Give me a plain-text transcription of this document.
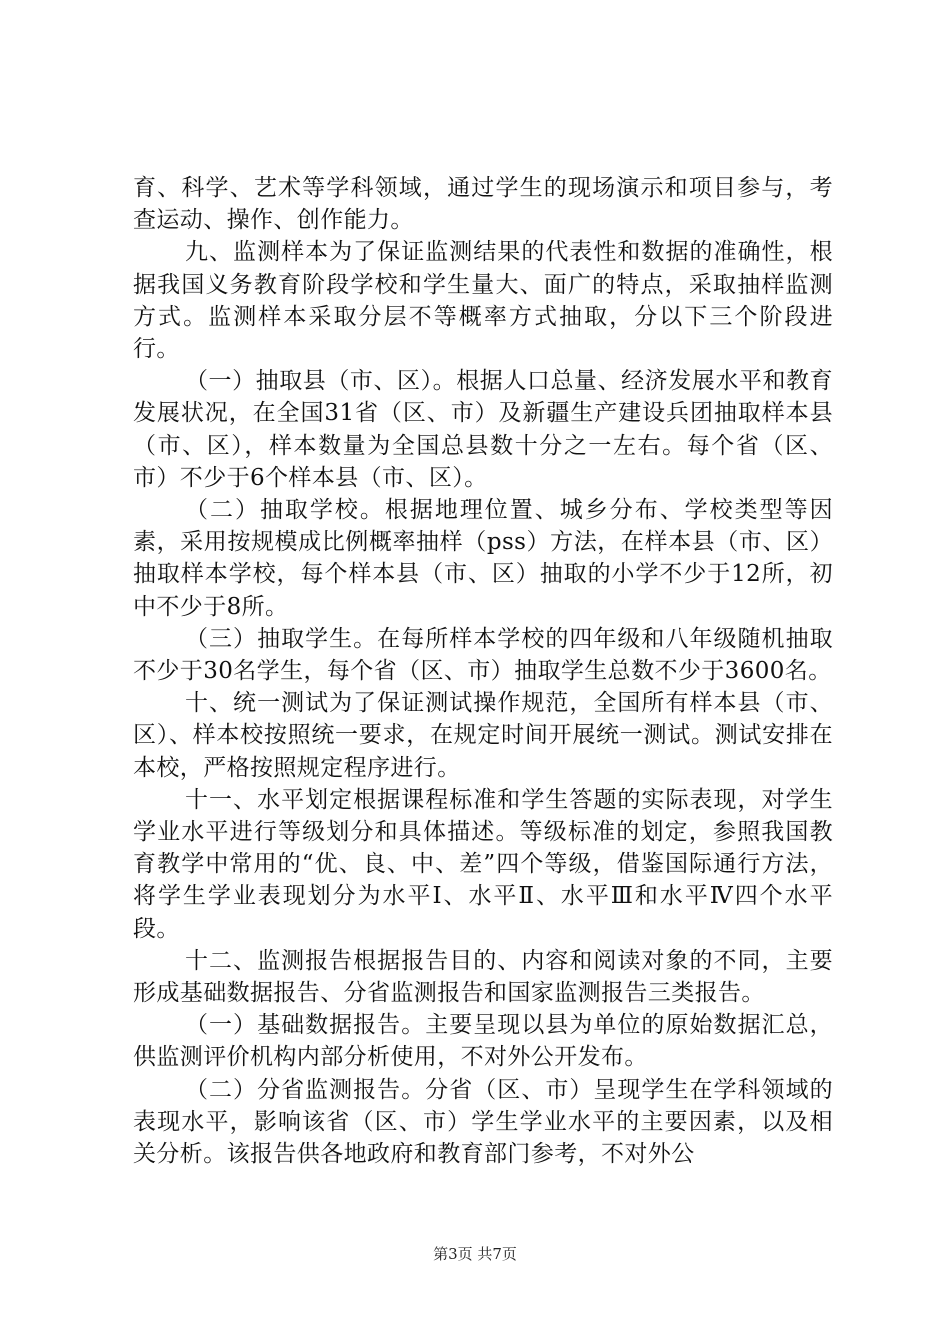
育、科学、艺术等学科领域，通过学生的现场演示和项目参与，考查运动、操作、创作能力。

九、监测样本为了保证监测结果的代表性和数据的准确性，根据我国义务教育阶段学校和学生量大、面广的特点，采取抽样监测方式。监测样本采取分层不等概率方式抽取，分以下三个阶段进行。

（一）抽取县（市、区）。根据人口总量、经济发展水平和教育发展状况，在全国31省（区、市）及新疆生产建设兵团抽取样本县（市、区），样本数量为全国总县数十分之一左右。每个省（区、市）不少于6个样本县（市、区）。

（二）抽取学校。根据地理位置、城乡分布、学校类型等因素，采用按规模成比例概率抽样（pss）方法，在样本县（市、区）抽取样本学校，每个样本县（市、区）抽取的小学不少于12所，初中不少于8所。

（三）抽取学生。在每所样本学校的四年级和八年级随机抽取不少于30名学生，每个省（区、市）抽取学生总数不少于3600名。

十、统一测试为了保证测试操作规范，全国所有样本县（市、区）、样本校按照统一要求，在规定时间开展统一测试。测试安排在本校，严格按照规定程序进行。

十一、水平划定根据课程标准和学生答题的实际表现，对学生学业水平进行等级划分和具体描述。等级标准的划定，参照我国教育教学中常用的“优、良、中、差”四个等级，借鉴国际通行方法，将学生学业表现划分为水平Ⅰ、水平Ⅱ、水平Ⅲ和水平Ⅳ四个水平段。

十二、监测报告根据报告目的、内容和阅读对象的不同，主要形成基础数据报告、分省监测报告和国家监测报告三类报告。

（一）基础数据报告。主要呈现以县为单位的原始数据汇总，供监测评价机构内部分析使用，不对外公开发布。

（二）分省监测报告。分省（区、市）呈现学生在学科领域的表现水平，影响该省（区、市）学生学业水平的主要因素，以及相关分析。该报告供各地政府和教育部门参考，不对外公

第3页 共7页
